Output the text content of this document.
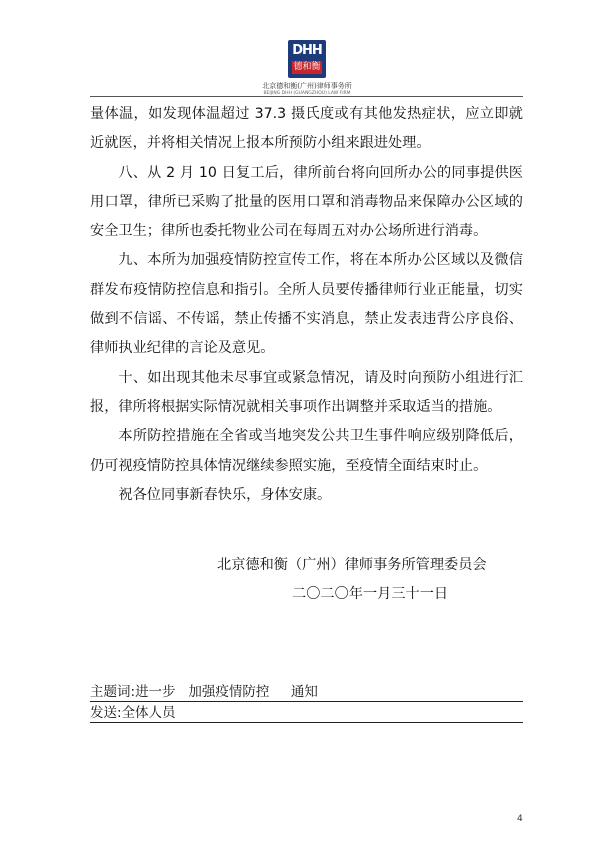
DHH
德和衡
北京德和衡(广州)律师事务所
BEIJING DHH (GUANGZHOU) LAW FIRM

量体温，如发现体温超过 37.3 摄氏度或有其他发热症状，应立即就近就医，并将相关情况上报本所预防小组来跟进处理。

八、从 2 月 10 日复工后，律所前台将向回所办公的同事提供医用口罩，律所已采购了批量的医用口罩和消毒物品来保障办公区域的安全卫生；律所也委托物业公司在每周五对办公场所进行消毒。

九、本所为加强疫情防控宣传工作，将在本所办公区域以及微信群发布疫情防控信息和指引。全所人员要传播律师行业正能量，切实做到不信谣、不传谣，禁止传播不实消息，禁止发表违背公序良俗、律师执业纪律的言论及意见。

十、如出现其他未尽事宜或紧急情况，请及时向预防小组进行汇报，律所将根据实际情况就相关事项作出调整并采取适当的措施。

本所防控措施在全省或当地突发公共卫生事件响应级别降低后，仍可视疫情防控具体情况继续参照实施，至疫情全面结束时止。

祝各位同事新春快乐，身体安康。

北京德和衡（广州）律师事务所管理委员会
二〇二〇年一月三十一日
主题词:进一步   加强疫情防控     通知
发送:全体人员
4
